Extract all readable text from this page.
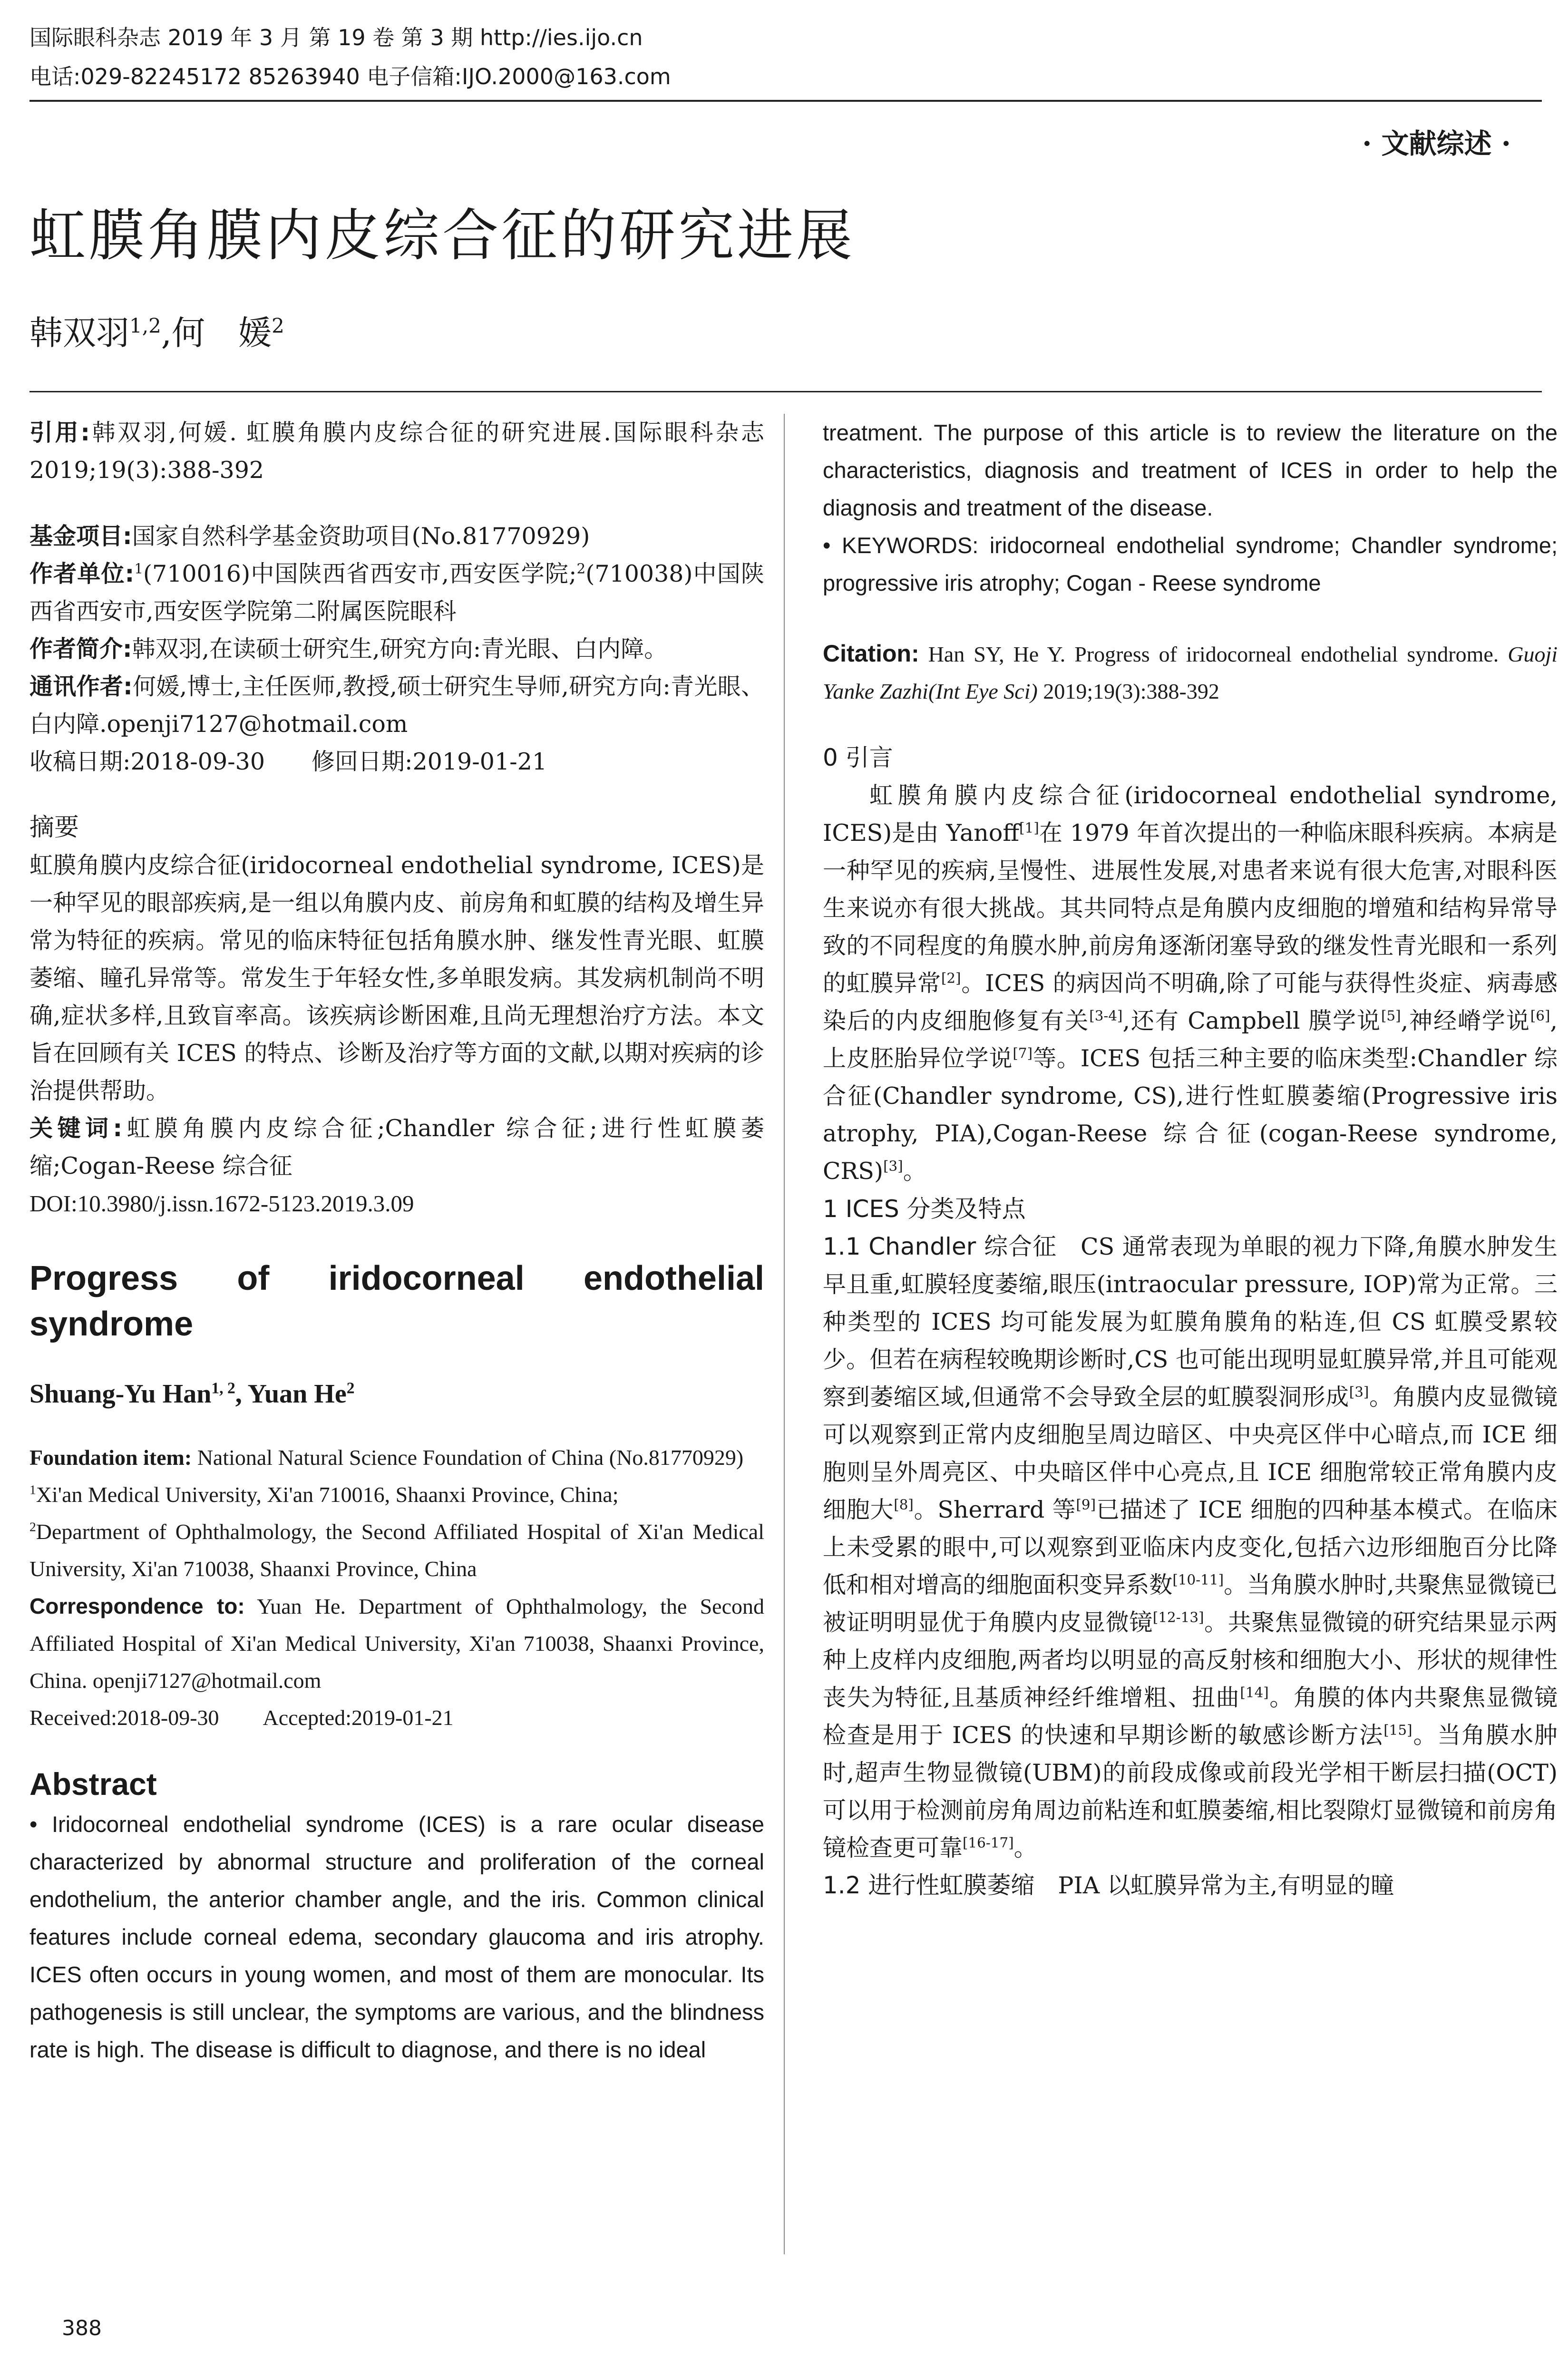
国际眼科杂志 2019 年 3 月 第 19 卷 第 3 期 http://ies.ijo.cn
电话:029-82245172 85263940 电子信箱:IJO.2000@163.com
· 文献综述 ·
虹膜角膜内皮综合征的研究进展
韩双羽$^{1,2}$,何　媛$^2$

引用:韩双羽,何媛. 虹膜角膜内皮综合征的研究进展.国际眼科杂志 2019;19(3):388-392

基金项目:国家自然科学基金资助项目(No.81770929)

作者单位:$^1$(710016)中国陕西省西安市,西安医学院;$^2$(710038)中国陕西省西安市,西安医学院第二附属医院眼科

作者简介:韩双羽,在读硕士研究生,研究方向:青光眼、白内障。

通讯作者:何媛,博士,主任医师,教授,硕士研究生导师,研究方向:青光眼、白内障.openji7127@hotmail.com

收稿日期:2018-09-30　　修回日期:2019-01-21

摘要

虹膜角膜内皮综合征(iridocorneal endothelial syndrome, ICES)是一种罕见的眼部疾病,是一组以角膜内皮、前房角和虹膜的结构及增生异常为特征的疾病。常见的临床特征包括角膜水肿、继发性青光眼、虹膜萎缩、瞳孔异常等。常发生于年轻女性,多单眼发病。其发病机制尚不明确,症状多样,且致盲率高。该疾病诊断困难,且尚无理想治疗方法。本文旨在回顾有关 ICES 的特点、诊断及治疗等方面的文献,以期对疾病的诊治提供帮助。

关键词:虹膜角膜内皮综合征;Chandler 综合征;进行性虹膜萎缩;Cogan-Reese 综合征

DOI:10.3980/j.issn.1672-5123.2019.3.09

Progress of iridocorneal endothelial syndrome

Shuang-Yu Han$^{1, 2}$, Yuan He$^2$

Foundation item: National Natural Science Foundation of China (No.81770929)

$^1$Xi'an Medical University, Xi'an 710016, Shaanxi Province, China;

$^2$Department of Ophthalmology, the Second Affiliated Hospital of Xi'an Medical University, Xi'an 710038, Shaanxi Province, China

Correspondence to: Yuan He. Department of Ophthalmology, the Second Affiliated Hospital of Xi'an Medical University, Xi'an 710038, Shaanxi Province, China. openji7127@hotmail.com

Received:2018-09-30　　Accepted:2019-01-21

Abstract

• Iridocorneal endothelial syndrome (ICES) is a rare ocular disease characterized by abnormal structure and proliferation of the corneal endothelium, the anterior chamber angle, and the iris. Common clinical features include corneal edema, secondary glaucoma and iris atrophy. ICES often occurs in young women, and most of them are monocular. Its pathogenesis is still unclear, the symptoms are various, and the blindness rate is high. The disease is difficult to diagnose, and there is no ideal

treatment. The purpose of this article is to review the literature on the characteristics, diagnosis and treatment of ICES in order to help the diagnosis and treatment of the disease.

• KEYWORDS: iridocorneal endothelial syndrome; Chandler syndrome; progressive iris atrophy; Cogan - Reese syndrome

Citation: Han SY, He Y. Progress of iridocorneal endothelial syndrome. Guoji Yanke Zazhi(Int Eye Sci) 2019;19(3):388-392

0 引言

虹膜角膜内皮综合征(iridocorneal endothelial syndrome, ICES)是由 Yanoff[1]在 1979 年首次提出的一种临床眼科疾病。本病是一种罕见的疾病,呈慢性、进展性发展,对患者来说有很大危害,对眼科医生来说亦有很大挑战。其共同特点是角膜内皮细胞的增殖和结构异常导致的不同程度的角膜水肿,前房角逐渐闭塞导致的继发性青光眼和一系列的虹膜异常[2]。ICES 的病因尚不明确,除了可能与获得性炎症、病毒感染后的内皮细胞修复有关[3-4],还有 Campbell 膜学说[5],神经嵴学说[6],上皮胚胎异位学说[7]等。ICES 包括三种主要的临床类型:Chandler 综合征(Chandler syndrome, CS),进行性虹膜萎缩(Progressive iris atrophy, PIA),Cogan-Reese 综合征(cogan-Reese syndrome, CRS)[3]。

1 ICES 分类及特点

1.1 Chandler 综合征　 CS 通常表现为单眼的视力下降,角膜水肿发生早且重,虹膜轻度萎缩,眼压(intraocular pressure, IOP)常为正常。三种类型的 ICES 均可能发展为虹膜角膜角的粘连,但 CS 虹膜受累较少。但若在病程较晚期诊断时,CS 也可能出现明显虹膜异常,并且可能观察到萎缩区域,但通常不会导致全层的虹膜裂洞形成[3]。角膜内皮显微镜可以观察到正常内皮细胞呈周边暗区、中央亮区伴中心暗点,而 ICE 细胞则呈外周亮区、中央暗区伴中心亮点,且 ICE 细胞常较正常角膜内皮细胞大[8]。Sherrard 等[9]已描述了 ICE 细胞的四种基本模式。在临床上未受累的眼中,可以观察到亚临床内皮变化,包括六边形细胞百分比降低和相对增高的细胞面积变异系数[10-11]。当角膜水肿时,共聚焦显微镜已被证明明显优于角膜内皮显微镜[12-13]。共聚焦显微镜的研究结果显示两种上皮样内皮细胞,两者均以明显的高反射核和细胞大小、形状的规律性丧失为特征,且基质神经纤维增粗、扭曲[14]。角膜的体内共聚焦显微镜检查是用于 ICES 的快速和早期诊断的敏感诊断方法[15]。当角膜水肿时,超声生物显微镜(UBM)的前段成像或前段光学相干断层扫描(OCT)可以用于检测前房角周边前粘连和虹膜萎缩,相比裂隙灯显微镜和前房角镜检查更可靠[16-17]。

1.2 进行性虹膜萎缩　 PIA 以虹膜异常为主,有明显的瞳

388
